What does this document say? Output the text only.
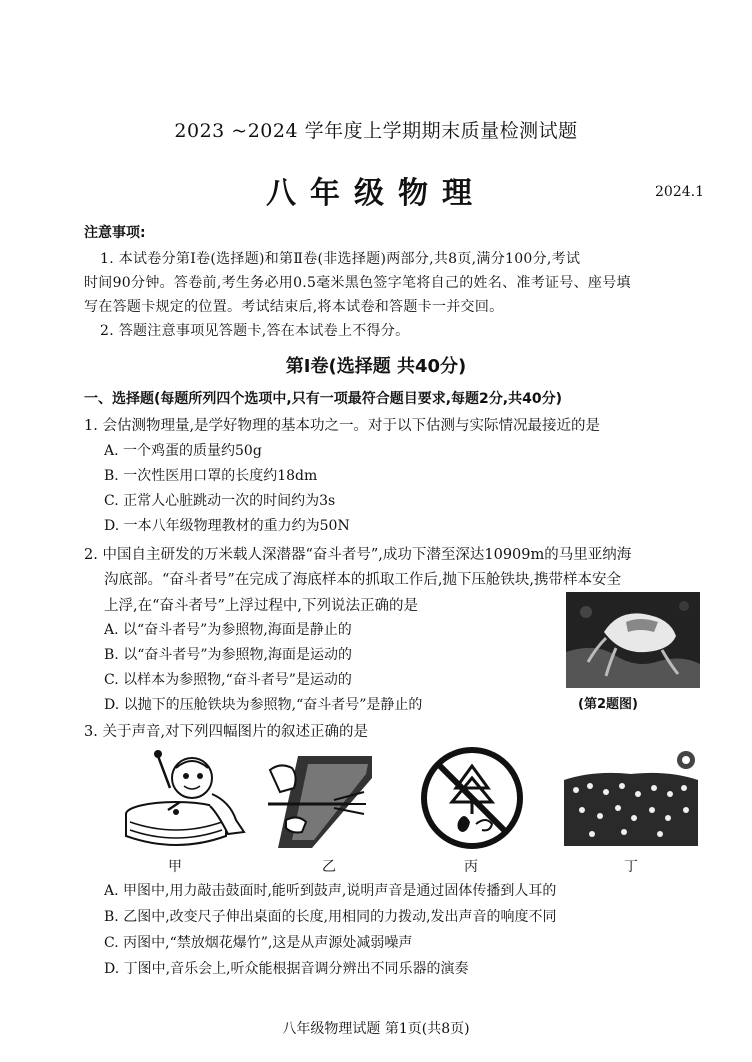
2023 ~2024 学年度上学期期末质量检测试题
八年级物理	2024.1
注意事项:
1. 本试卷分第Ⅰ卷(选择题)和第Ⅱ卷(非选择题)两部分,共8页,满分100分,考试
时间90分钟。答卷前,考生务必用0.5毫米黑色签字笔将自己的姓名、准考证号、座号填
写在答题卡规定的位置。考试结束后,将本试卷和答题卡一并交回。
2. 答题注意事项见答题卡,答在本试卷上不得分。
第Ⅰ卷(选择题 共40分)
一、选择题(每题所列四个选项中,只有一项最符合题目要求,每题2分,共40分)
1. 会估测物理量,是学好物理的基本功之一。对于以下估测与实际情况最接近的是
A. 一个鸡蛋的质量约50g
B. 一次性医用口罩的长度约18dm
C. 正常人心脏跳动一次的时间约为3s
D. 一本八年级物理教材的重力约为50N
2. 中国自主研发的万米载人深潜器“奋斗者号”,成功下潜至深达10909m的马里亚纳海
沟底部。“奋斗者号”在完成了海底样本的抓取工作后,抛下压舱铁块,携带样本安全
上浮,在“奋斗者号”上浮过程中,下列说法正确的是
A. 以“奋斗者号”为参照物,海面是静止的
B. 以“奋斗者号”为参照物,海面是运动的
C. 以样本为参照物,“奋斗者号”是运动的
D. 以抛下的压舱铁块为参照物,“奋斗者号”是静止的	(第2题图)
3. 关于声音,对下列四幅图片的叙述正确的是
甲	乙	丙	丁
A. 甲图中,用力敲击鼓面时,能听到鼓声,说明声音是通过固体传播到人耳的
B. 乙图中,改变尺子伸出桌面的长度,用相同的力拨动,发出声音的响度不同
C. 丙图中,“禁放烟花爆竹”,这是从声源处减弱噪声
D. 丁图中,音乐会上,听众能根据音调分辨出不同乐器的演奏
八年级物理试题 第1页(共8页)
